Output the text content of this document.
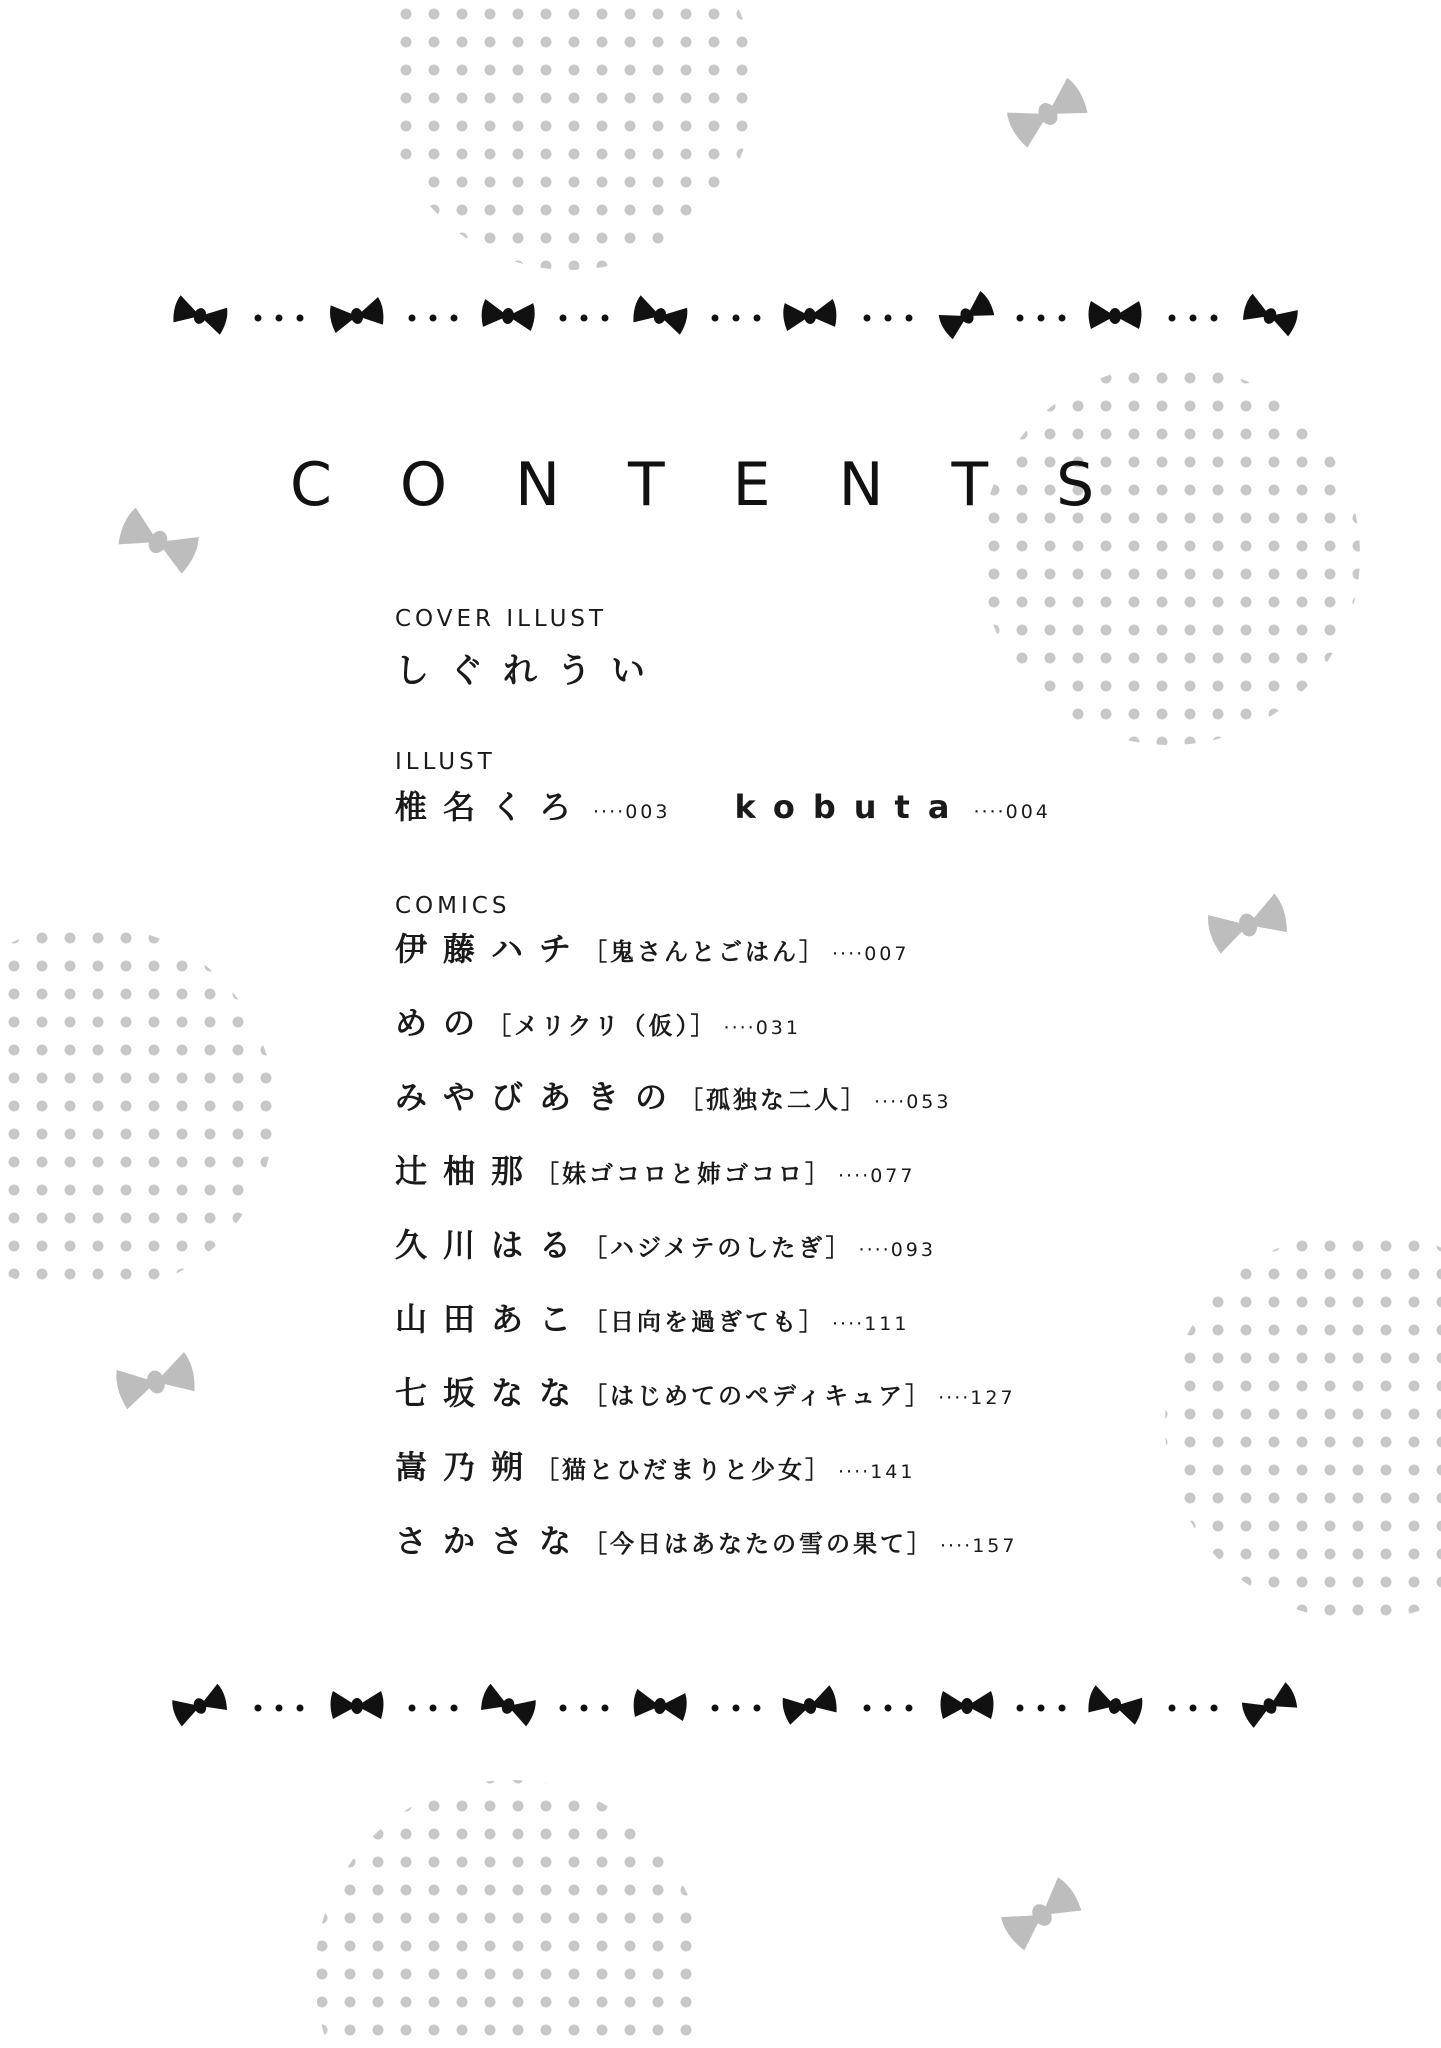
CONTENTS
COVER ILLUST
しぐれうい
ILLUST
椎名くろ ····003 kobuta ····004
COMICS
伊藤ハチ
［鬼さんとごはん］ ···· 007
めの
［メリクリ（仮）］ ···· 031
みやびあきの
［孤独な二人］ ···· 053
辻柚那
［妹ゴコロと姉ゴコロ］ ···· 077
久川はる
［ハジメテのしたぎ］ ···· 093
山田あこ
［日向を過ぎても］ ···· 111
七坂なな
［はじめてのペディキュア］ ···· 127
嵩乃朔
［猫とひだまりと少女］ ···· 141
さかさな
［今日はあなたの雪の果て］ ···· 157
